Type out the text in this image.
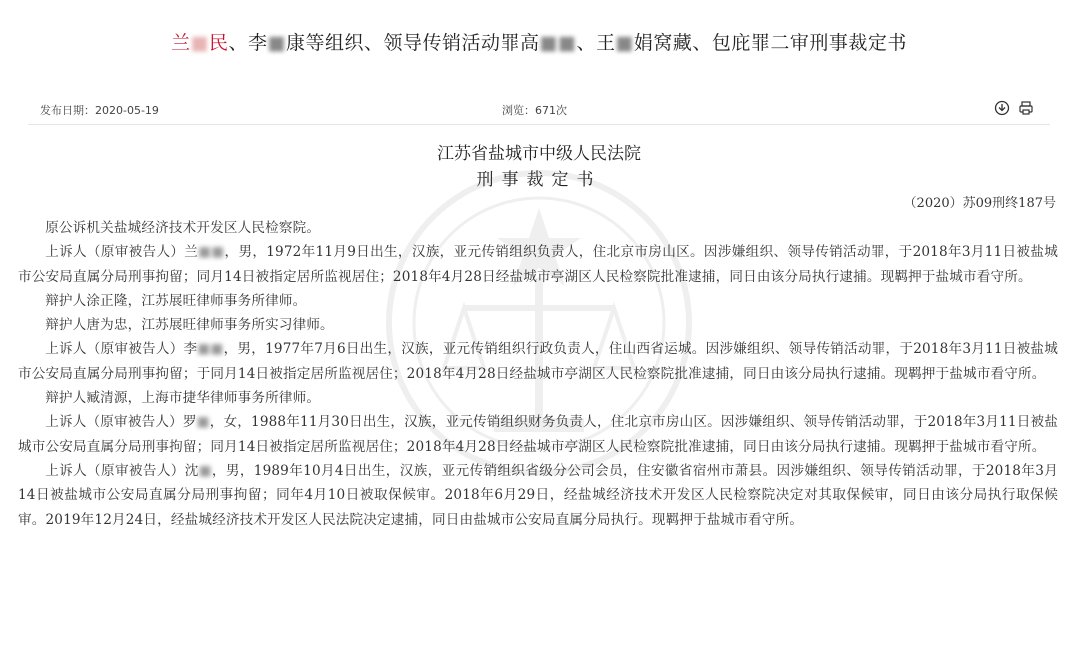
兰■民、李■康等组织、领导传销活动罪高■■、王■娟窝藏、包庇罪二审刑事裁定书
发布日期：2020-05-19	浏览：671次
江苏省盐城市中级人民法院
刑事裁定书
（2020）苏09刑终187号

原公诉机关盐城经济技术开发区人民检察院。

上诉人（原审被告人）兰■■，男，1972年11月9日出生，汉族，亚元传销组织负责人，住北京市房山区。因涉嫌组织、领导传销活动罪，于2018年3月11日被盐城市公安局直属分局刑事拘留；同月14日被指定居所监视居住；2018年4月28日经盐城市亭湖区人民检察院批准逮捕，同日由该分局执行逮捕。现羁押于盐城市看守所。

辩护人涂正隆，江苏展旺律师事务所律师。

辩护人唐为忠，江苏展旺律师事务所实习律师。

上诉人（原审被告人）李■■，男，1977年7月6日出生，汉族，亚元传销组织行政负责人，住山西省运城。因涉嫌组织、领导传销活动罪，于2018年3月11日被盐城市公安局直属分局刑事拘留；于同月14日被指定居所监视居住；2018年4月28日经盐城市亭湖区人民检察院批准逮捕，同日由该分局执行逮捕。现羁押于盐城市看守所。

辩护人臧清源，上海市捷华律师事务所律师。

上诉人（原审被告人）罗■，女，1988年11月30日出生，汉族，亚元传销组织财务负责人，住北京市房山区。因涉嫌组织、领导传销活动罪，于2018年3月11日被盐城市公安局直属分局刑事拘留；同月14日被指定居所监视居住；2018年4月28日经盐城市亭湖区人民检察院批准逮捕，同日由该分局执行逮捕。现羁押于盐城市看守所。

上诉人（原审被告人）沈■，男，1989年10月4日出生，汉族，亚元传销组织省级分公司会员，住安徽省宿州市萧县。因涉嫌组织、领导传销活动罪，于2018年3月14日被盐城市公安局直属分局刑事拘留；同年4月10日被取保候审。2018年6月29日，经盐城经济技术开发区人民检察院决定对其取保候审，同日由该分局执行取保候审。2019年12月24日，经盐城经济技术开发区人民法院决定逮捕，同日由盐城市公安局直属分局执行。现羁押于盐城市看守所。
